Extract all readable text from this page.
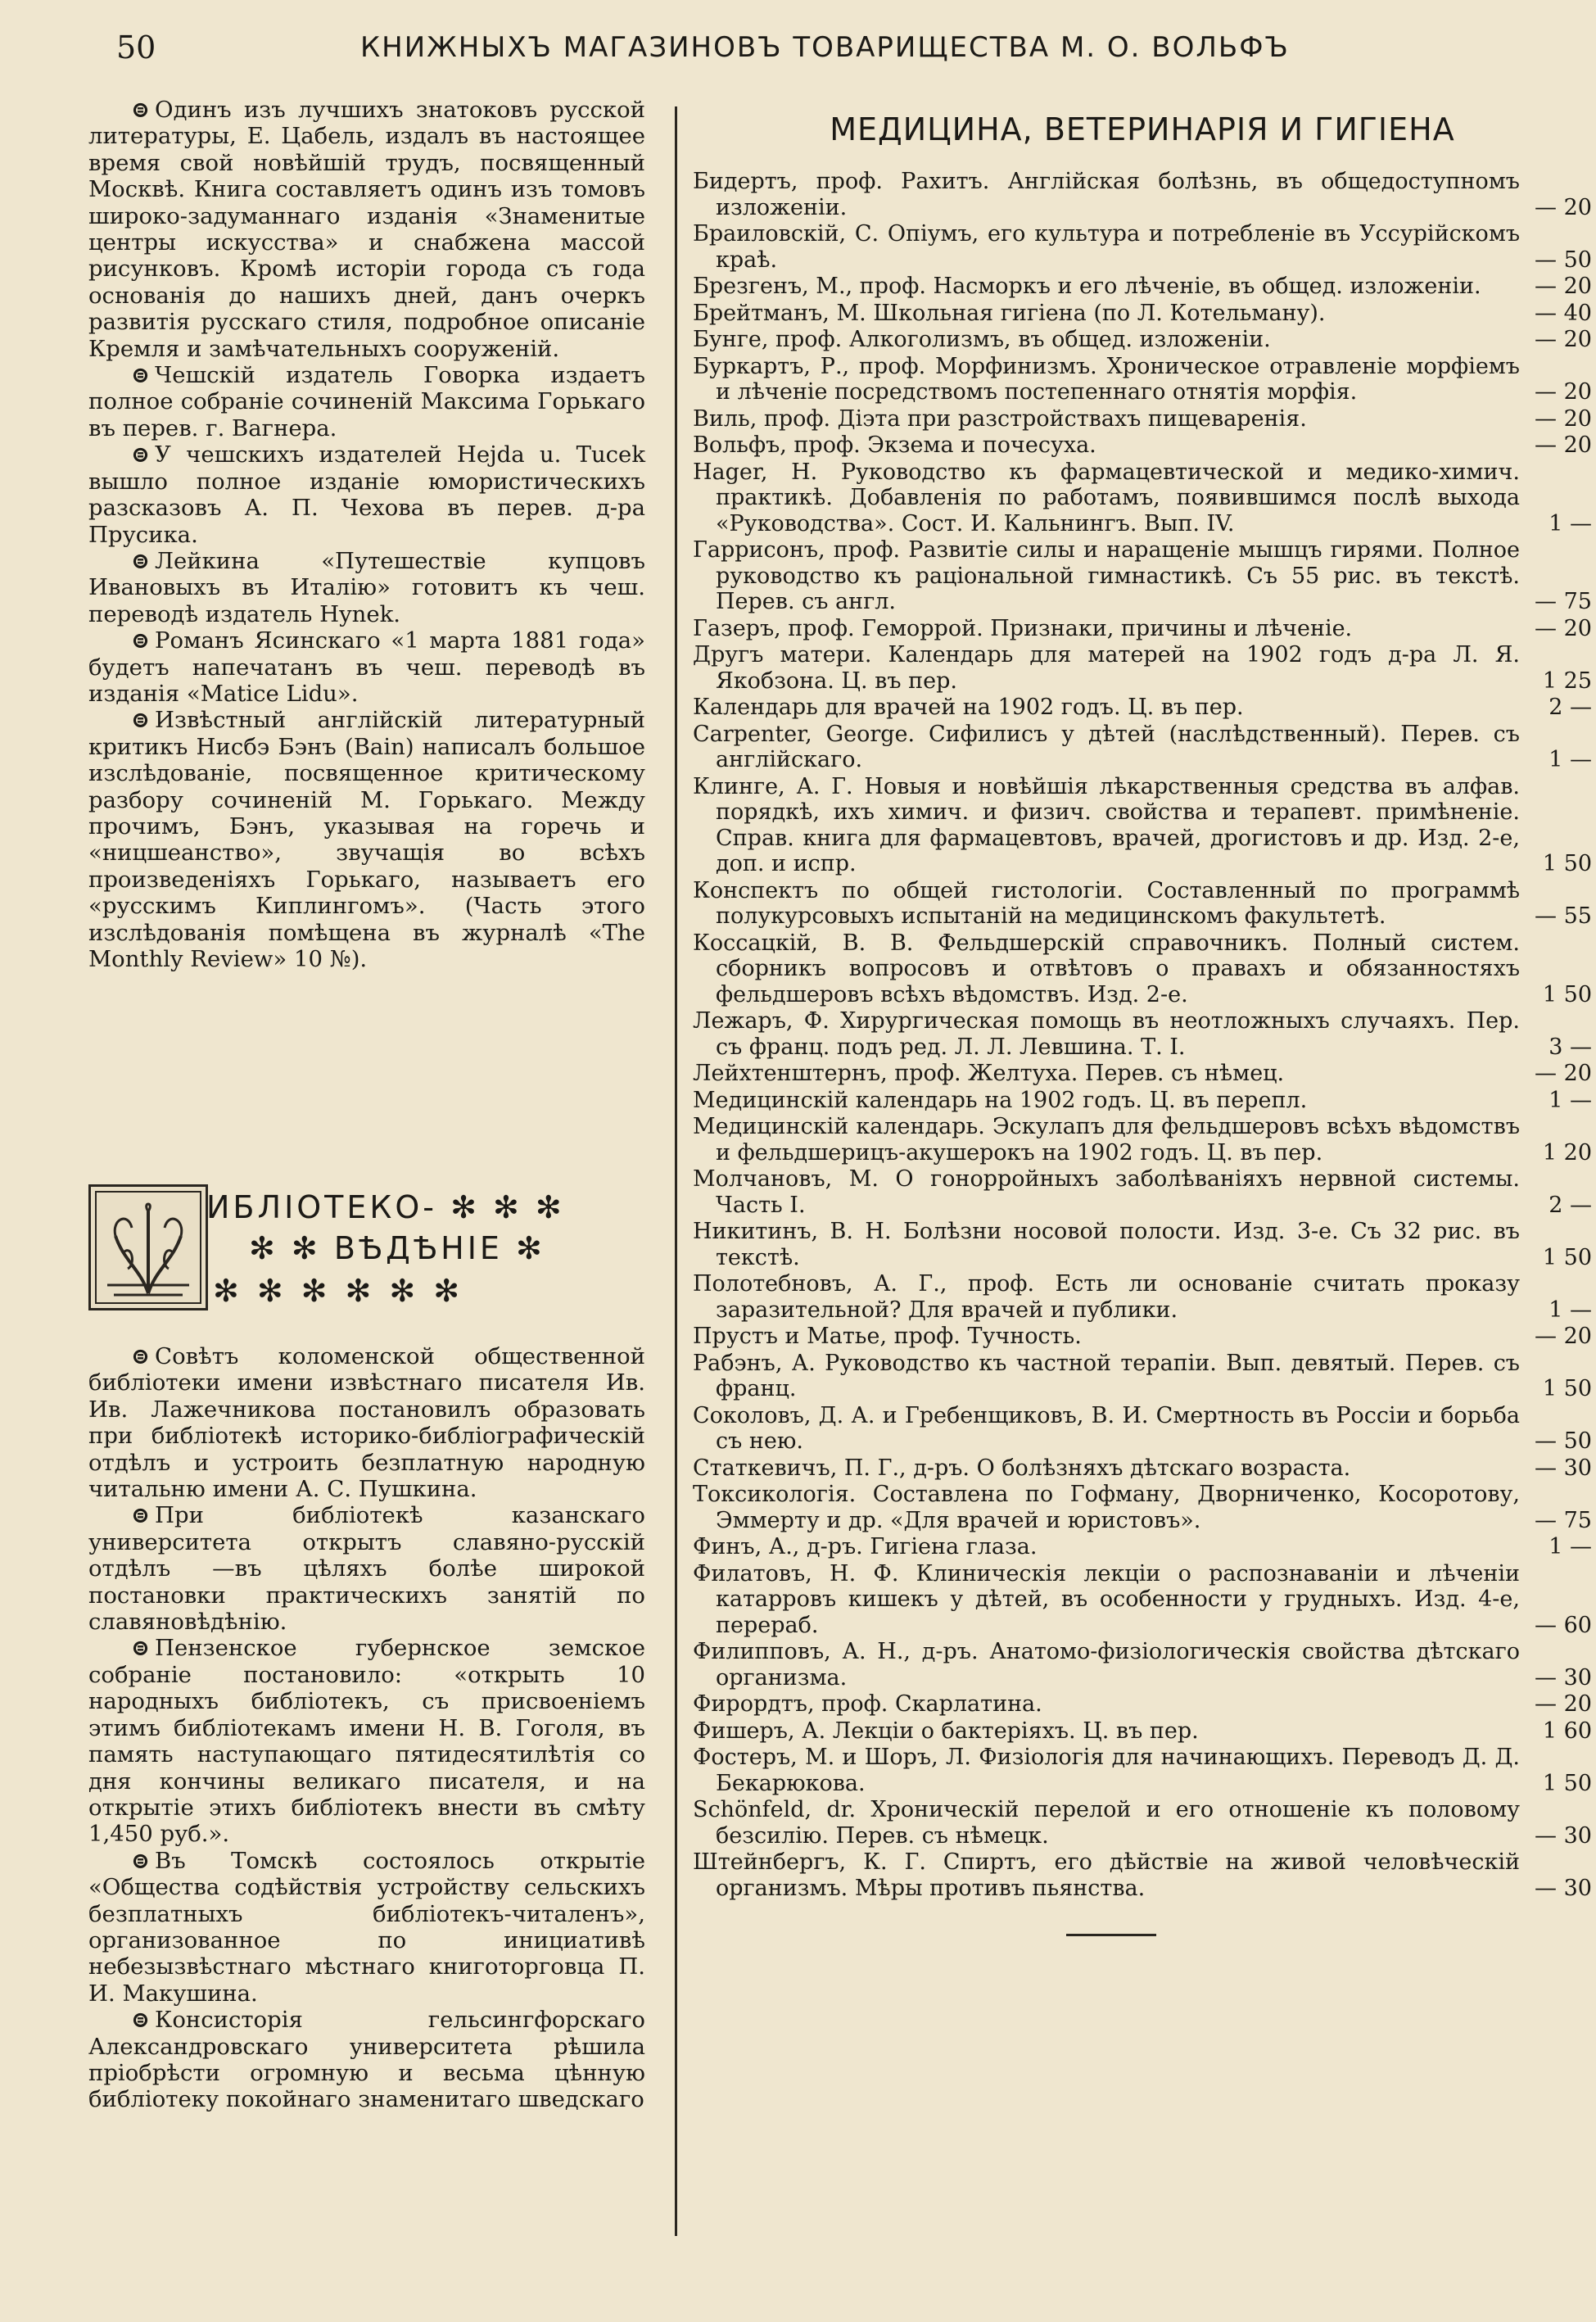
50	КНИЖНЫХЪ МАГАЗИНОВЪ ТОВАРИЩЕСТВА М. О. ВОЛЬФЪ

⊜ Одинъ изъ лучшихъ знатоковъ русской литературы, Е. Цабель, издалъ въ настоящее время свой новѣйшій трудъ, посвященный Москвѣ. Книга составляетъ одинъ изъ томовъ широко-задуманнаго изданія «Знаменитые центры искусства» и снабжена массой рисунковъ. Кромѣ исторіи города съ года основанія до нашихъ дней, данъ очеркъ развитія русскаго стиля, подробное описаніе Кремля и замѣчательныхъ сооруженій.

⊜ Чешскій издатель Говорка издаетъ полное собраніе сочиненій Максима Горькаго въ перев. г. Вагнера.

⊜ У чешскихъ издателей Hejda u. Tucek вышло полное изданіе юмористическихъ разсказовъ А. П. Чехова въ перев. д-ра Прусика.

⊜ Лейкина «Путешествіе купцовъ Ивановыхъ въ Италію» готовитъ къ чеш. переводѣ издатель Hynek.

⊜ Романъ Ясинскаго «1 марта 1881 года» будетъ напечатанъ въ чеш. переводѣ въ изданія «Matice Lidu».

⊜ Извѣстный англійскій литературный критикъ Нисбэ Бэнъ (Bain) написалъ большое изслѣдованіе, посвященное критическому разбору сочиненій М. Горькаго. Между прочимъ, Бэнъ, указывая на горечь и «ницшеанство», звучащія во всѣхъ произведеніяхъ Горькаго, называетъ его «русскимъ Киплингомъ». (Часть этого изслѣдованія помѣщена въ журналѣ «The Monthly Review» 10 №).

ИБЛІОТЕКО- ✻ ✻ ✻
✻ ✻ ВѢДѢНІЕ ✻
✻✻✻✻✻✻

⊜ Совѣтъ коломенской общественной библіотеки имени извѣстнаго писателя Ив. Ив. Лажечникова постановилъ образовать при библіотекѣ историко-библіографическій отдѣлъ и устроить безплатную народную читальню имени А. С. Пушкина.

⊜ При библіотекѣ казанскаго университета открытъ славяно-русскій отдѣлъ —въ цѣляхъ болѣе широкой постановки практическихъ занятій по славяновѣдѣнію.

⊜ Пензенское губернское земское собраніе постановило: «открыть 10 народныхъ библіотекъ, съ присвоеніемъ этимъ библіотекамъ имени Н. В. Гоголя, въ память наступающаго пятидесятилѣтія со дня кончины великаго писателя, и на открытіе этихъ библіотекъ внести въ смѣту 1,450 руб.».

⊜ Въ Томскѣ состоялось открытіе «Общества содѣйствія устройству сельскихъ безплатныхъ библіотекъ-читаленъ», организованное по инициативѣ небезызвѣстнаго мѣстнаго книготорговца П. И. Макушина.

⊜ Консисторія гельсингфорскаго Александровскаго университета рѣшила пріобрѣсти огромную и весьма цѣнную библіотеку покойнаго знаменитаго шведскаго

МЕДИЦИНА, ВЕТЕРИНАРІЯ И ГИГІЕНА
Бидертъ, проф. Рахитъ. Англійская болѣзнь, въ общедоступномъ изложеніи.	— 20
Браиловскій, С. Опіумъ, его культура и потребленіе въ Уссурійскомъ краѣ.	— 50
Брезгенъ, М., проф. Насморкъ и его лѣченіе, въ общед. изложеніи.	— 20
Брейтманъ, М. Школьная гигіена (по Л. Котельману).	— 40
Бунге, проф. Алкоголизмъ, въ общед. изложеніи.	— 20
Буркартъ, Р., проф. Морфинизмъ. Хроническое отравленіе морфіемъ и лѣченіе посредствомъ постепеннаго отнятія морфія.	— 20
Виль, проф. Діэта при разстройствахъ пищеваренія.	— 20
Вольфъ, проф. Экзема и почесуха.	— 20
Hager, H. Руководство къ фармацевтической и медико-химич. практикѣ. Добавленія по работамъ, появившимся послѣ выхода «Руководства». Сост. И. Кальнингъ. Вып. IV.	1 —
Гаррисонъ, проф. Развитіе силы и наращеніе мышцъ гирями. Полное руководство къ раціональной гимнастикѣ. Съ 55 рис. въ текстѣ. Перев. съ англ.	— 75
Газеръ, проф. Геморрой. Признаки, причины и лѣченіе.	— 20
Другъ матери. Календарь для матерей на 1902 годъ д-ра Л. Я. Якобзона. Ц. въ пер.	1 25
Календарь для врачей на 1902 годъ. Ц. въ пер.	2 —
Carpenter, George. Сифилисъ у дѣтей (наслѣдственный). Перев. съ англійскаго.	1 —
Клинге, А. Г. Новыя и новѣйшія лѣкарственныя средства въ алфав. порядкѣ, ихъ химич. и физич. свойства и терапевт. примѣненіе. Справ. книга для фармацевтовъ, врачей, дрогистовъ и др. Изд. 2-е, доп. и испр.	1 50
Конспектъ по общей гистологіи. Составленный по программѣ полукурсовыхъ испытаній на медицинскомъ факультетѣ.	— 55
Коссацкій, В. В. Фельдшерскій справочникъ. Полный систем. сборникъ вопросовъ и отвѣтовъ о правахъ и обязанностяхъ фельдшеровъ всѣхъ вѣдомствъ. Изд. 2-е.	1 50
Лежаръ, Ф. Хирургическая помощь въ неотложныхъ случаяхъ. Пер. съ франц. подъ ред. Л. Л. Левшина. Т. I.	3 —
Лейхтенштернъ, проф. Желтуха. Перев. съ нѣмец.	— 20
Медицинскій календарь на 1902 годъ. Ц. въ перепл.	1 —
Медицинскій календарь. Эскулапъ для фельдшеровъ всѣхъ вѣдомствъ и фельдшерицъ-акушерокъ на 1902 годъ. Ц. въ пер.	1 20
Молчановъ, М. О гонорройныхъ заболѣваніяхъ нервной системы. Часть I.	2 —
Никитинъ, В. Н. Болѣзни носовой полости. Изд. 3-е. Съ 32 рис. въ текстѣ.	1 50
Полотебновъ, А. Г., проф. Есть ли основаніе считать проказу заразительной? Для врачей и публики.	1 —
Прустъ и Матье, проф. Тучность.	— 20
Рабэнъ, А. Руководство къ частной терапіи. Вып. девятый. Перев. съ франц.	1 50
Соколовъ, Д. А. и Гребенщиковъ, В. И. Смертность въ Россіи и борьба съ нею.	— 50
Статкевичъ, П. Г., д-ръ. О болѣзняхъ дѣтскаго возраста.	— 30
Токсикологія. Составлена по Гофману, Дворниченко, Косоротову, Эммерту и др. «Для врачей и юристовъ».	— 75
Финъ, А., д-ръ. Гигіена глаза.	1 —
Филатовъ, Н. Ф. Клиническія лекціи о распознаваніи и лѣченіи катарровъ кишекъ у дѣтей, въ особенности у грудныхъ. Изд. 4-е, перераб.	— 60
Филипповъ, А. Н., д-ръ. Анатомо-физіологическія свойства дѣтскаго организма.	— 30
Фирордтъ, проф. Скарлатина.	— 20
Фишеръ, А. Лекціи о бактеріяхъ. Ц. въ пер.	1 60
Фостеръ, М. и Шоръ, Л. Физіологія для начинающихъ. Переводъ Д. Д. Бекарюкова.	1 50
Schönfeld, dr. Хроническій перелой и его отношеніе къ половому безсилію. Перев. съ нѣмецк.	— 30
Штейнбергъ, К. Г. Спиртъ, его дѣйствіе на живой человѣческій организмъ. Мѣры противъ пьянства.	— 30
